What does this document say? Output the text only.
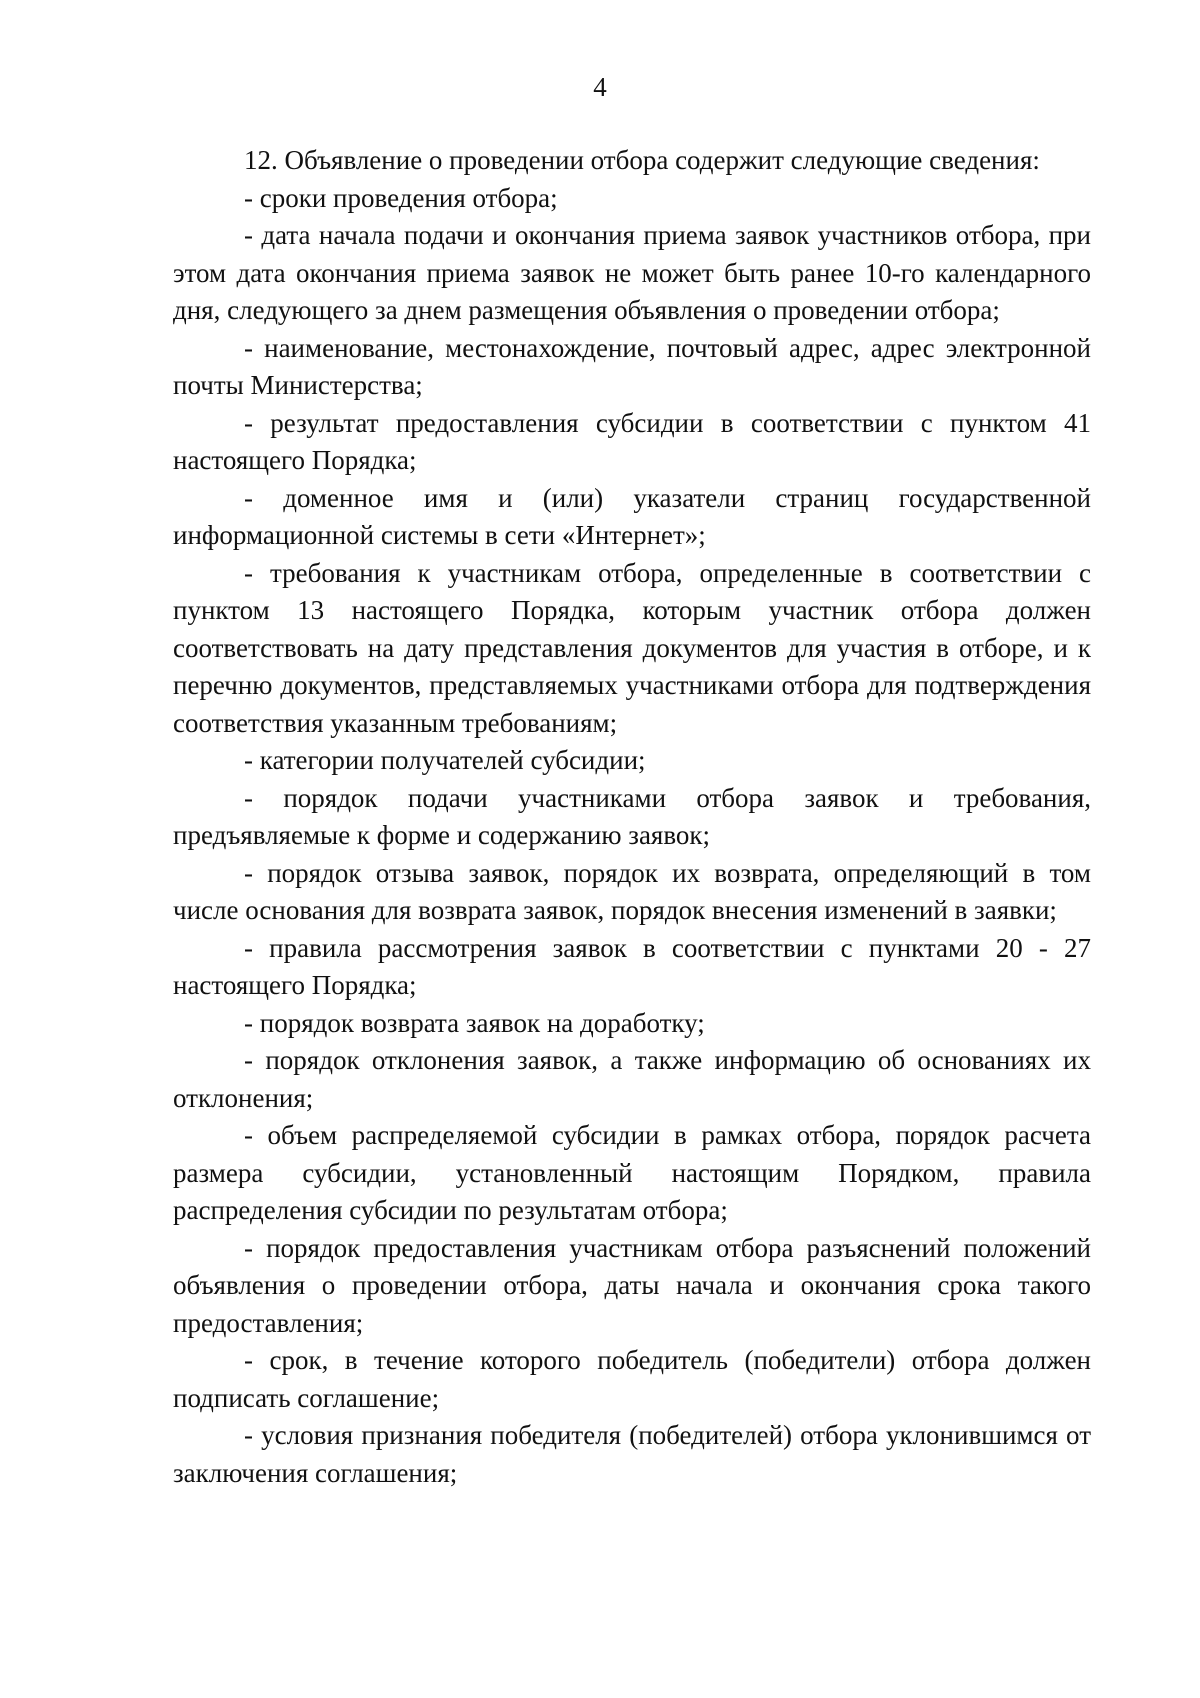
4

12. Объявление о проведении отбора содержит следующие сведения:

- сроки проведения отбора;

- дата начала подачи и окончания приема заявок участников отбора, при этом дата окончания приема заявок не может быть ранее 10-го календарного дня, следующего за днем размещения объявления о проведении отбора;

- наименование, местонахождение, почтовый адрес, адрес электронной почты Министерства;

- результат предоставления субсидии в соответствии с пунктом 41 настоящего Порядка;

- доменное имя и (или) указатели страниц государственной информационной системы в сети «Интернет»;

- требования к участникам отбора, определенные в соответствии с пунктом 13 настоящего Порядка, которым участник отбора должен соответствовать на дату представления документов для участия в отборе, и к перечню документов, представляемых участниками отбора для подтверждения соответствия указанным требованиям;

- категории получателей субсидии;

- порядок подачи участниками отбора заявок и требования, предъявляемые к форме и содержанию заявок;

- порядок отзыва заявок, порядок их возврата, определяющий в том числе основания для возврата заявок, порядок внесения изменений в заявки;

- правила рассмотрения заявок в соответствии с пунктами 20 - 27 настоящего Порядка;

- порядок возврата заявок на доработку;

- порядок отклонения заявок, а также информацию об основаниях их отклонения;

- объем распределяемой субсидии в рамках отбора, порядок расчета размера субсидии, установленный настоящим Порядком, правила распределения субсидии по результатам отбора;

- порядок предоставления участникам отбора разъяснений положений объявления о проведении отбора, даты начала и окончания срока такого предоставления;

- срок, в течение которого победитель (победители) отбора должен подписать соглашение;

- условия признания победителя (победителей) отбора уклонившимся от заключения соглашения;
